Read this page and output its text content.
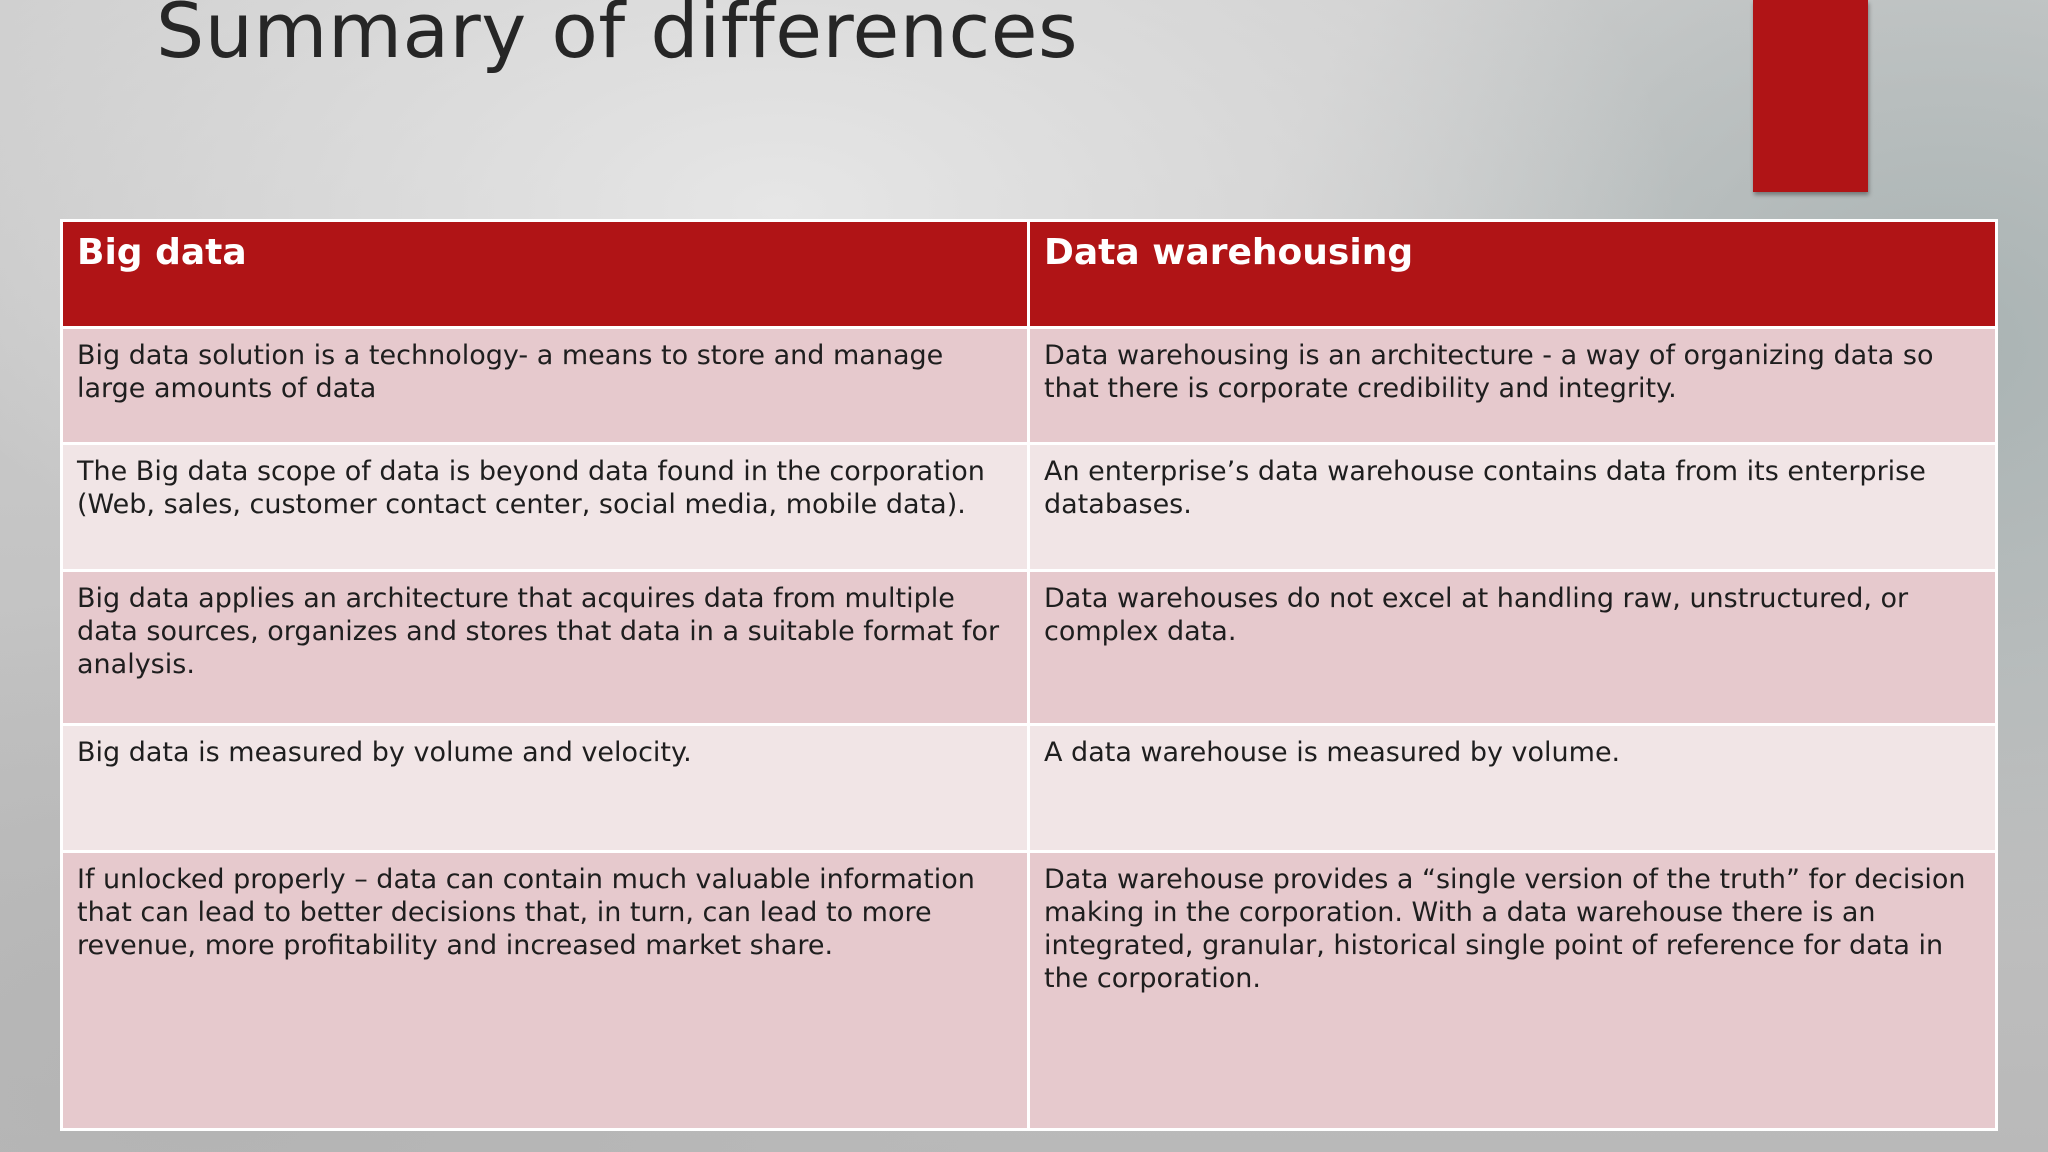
Summary of differences
Big data	Data warehousing
Big data solution is a technology- a means to store and manage large amounts of data	Data warehousing is an architecture - a way of organizing data so that there is corporate credibility and integrity.
The Big data scope of data is beyond data found in the corporation (Web, sales, customer contact center, social media, mobile data).	An enterprise’s data warehouse contains data from its enterprise databases.
Big data applies an architecture that acquires data from multiple data sources, organizes and stores that data in a suitable format for analysis.	Data warehouses do not excel at handling raw, unstructured, or complex data.
Big data is measured by volume and velocity.	A data warehouse is measured by volume.
If unlocked properly – data can contain much valuable information that can lead to better decisions that, in turn, can lead to more revenue, more profitability and increased market share.	Data warehouse provides a “single version of the truth” for decision making in the corporation. With a data warehouse there is an integrated, granular, historical single point of reference for data in the corporation.
